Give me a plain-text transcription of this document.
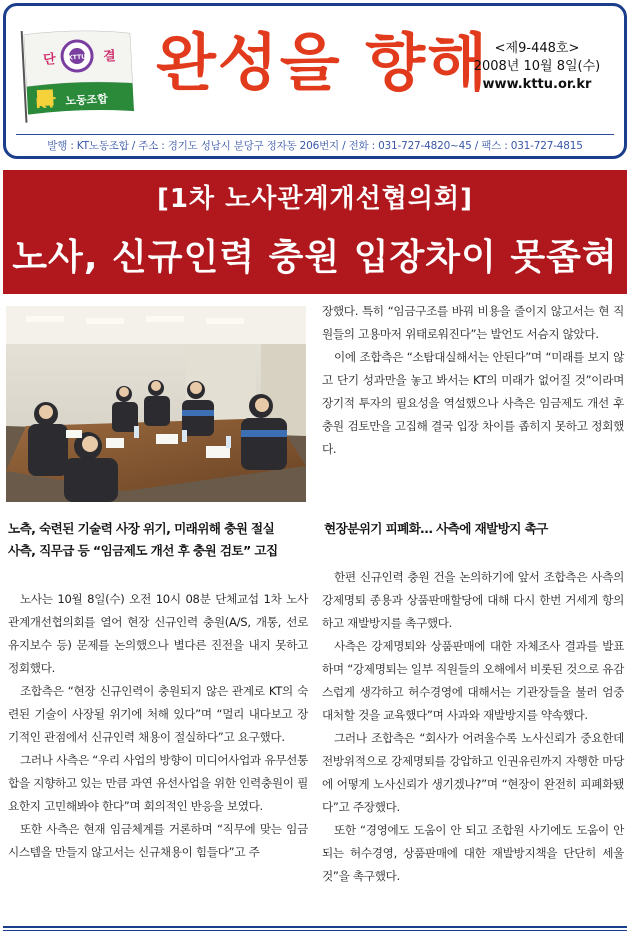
KTTU
단	결
KT 노동조합
완성을 향해 <제9-448호>
2008년 10월 8일(수)
www.kttu.or.kr
발행 : KT노동조합 / 주소 : 경기도 성남시 분당구 정자동 206번지 / 전화 : 031-727-4820~45 / 팩스 : 031-727-4815
[1차 노사관계개선협의회]
노사, 신규인력 충원 입장차이 못좁혀

장했다. 특히 “임금구조를 바꿔 비용을 줄이지 않고서는 현 직원들의 고용마저 위태로워진다”는 발언도 서슴지 않았다.

이에 조합측은 “소탐대실해서는 안된다”며 “미래를 보지 않고 단기 성과만을 놓고 봐서는 KT의 미래가 없어질 것”이라며 장기적 투자의 필요성을 역설했으나 사측은 임금제도 개선 후 충원 검토만을 고집해 결국 입장 차이를 좁히지 못하고 정회했다.

노측, 숙련된 기술력 사장 위기, 미래위해 충원 절실
사측, 직무급 등 “임금제도 개선 후 충원 검토” 고집
현장분위기 피폐화… 사측에 재발방지 촉구

노사는 10월 8일(수) 오전 10시 08분 단체교섭 1차 노사관계개선협의회를 열어 현장 신규인력 충원(A/S, 개통, 선로유지보수 등) 문제를 논의했으나 별다른 진전을 내지 못하고 정회했다.

조합측은 “현장 신규인력이 충원되지 않은 관계로 KT의 숙련된 기술이 사장될 위기에 처해 있다”며 “멀리 내다보고 장기적인 관점에서 신규인력 채용이 절실하다”고 요구했다.

그러나 사측은 “우리 사업의 방향이 미디어사업과 유무선통합을 지향하고 있는 만큼 과연 유선사업을 위한 인력충원이 필요한지 고민해봐야 한다”며 회의적인 반응을 보였다.

또한 사측은 현재 임금체계를 거론하며 “직무에 맞는 임금시스템을 만들지 않고서는 신규채용이 힘들다”고 주

한편 신규인력 충원 건을 논의하기에 앞서 조합측은 사측의 강제명퇴 종용과 상품판매할당에 대해 다시 한번 거세게 항의하고 재발방지를 촉구했다.

사측은 강제명퇴와 상품판매에 대한 자체조사 결과를 발표하며 “강제명퇴는 일부 직원들의 오해에서 비롯된 것으로 유감스럽게 생각하고 허수경영에 대해서는 기관장들을 불러 엄중 대처할 것을 교육했다”며 사과와 재발방지를 약속했다.

그러나 조합측은 “회사가 어려울수록 노사신뢰가 중요한데 전방위적으로 강제명퇴를 강압하고 인권유린까지 자행한 마당에 어떻게 노사신뢰가 생기겠나?”며 “현장이 완전히 피폐화됐다”고 주장했다.

또한 “경영에도 도움이 안 되고 조합원 사기에도 도움이 안 되는 허수경영, 상품판매에 대한 재발방지책을 단단히 세울 것”을 촉구했다.
